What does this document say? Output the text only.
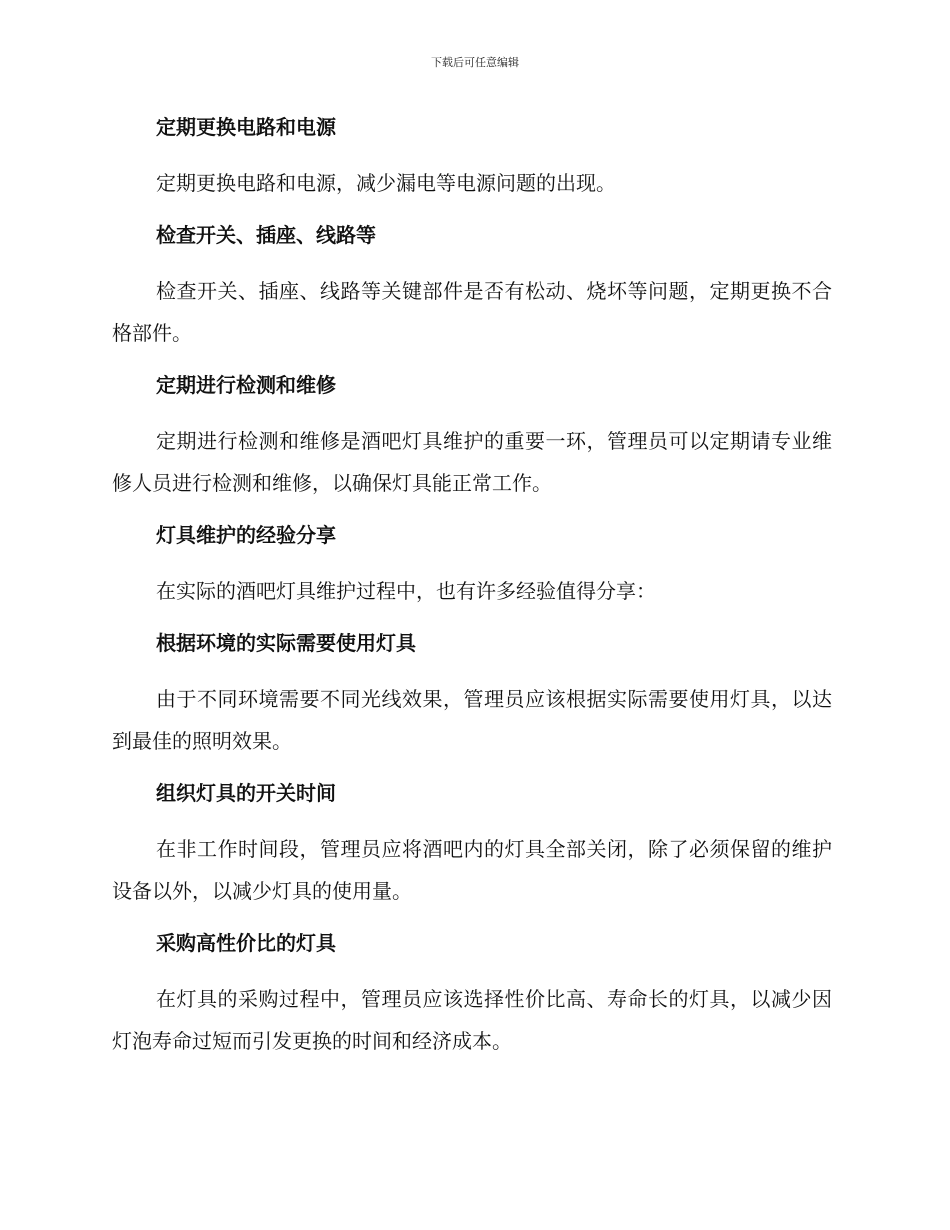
下载后可任意编辑
定期更换电路和电源

定期更换电路和电源，减少漏电等电源问题的出现。

检查开关、插座、线路等

检查开关、插座、线路等关键部件是否有松动、烧坏等问题，定期更换不合格部件。

定期进行检测和维修

定期进行检测和维修是酒吧灯具维护的重要一环，管理员可以定期请专业维修人员进行检测和维修，以确保灯具能正常工作。

灯具维护的经验分享

在实际的酒吧灯具维护过程中，也有许多经验值得分享：

根据环境的实际需要使用灯具

由于不同环境需要不同光线效果，管理员应该根据实际需要使用灯具，以达到最佳的照明效果。

组织灯具的开关时间

在非工作时间段，管理员应将酒吧内的灯具全部关闭，除了必须保留的维护设备以外，以减少灯具的使用量。

采购高性价比的灯具

在灯具的采购过程中，管理员应该选择性价比高、寿命长的灯具，以减少因灯泡寿命过短而引发更换的时间和经济成本。
